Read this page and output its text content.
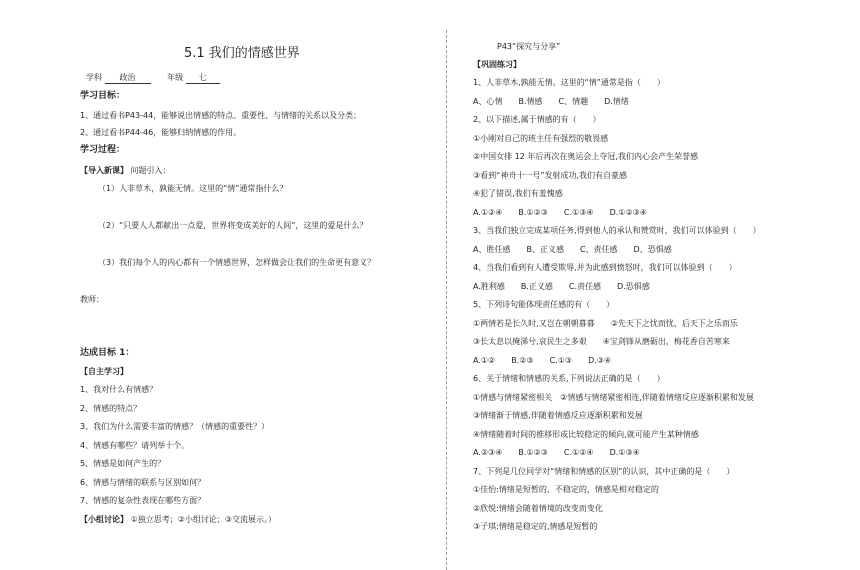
5.1 我们的情感世界
学科 政治	年级 七
学习目标：
1、通过看书P43-44，能够说出情感的特点、重要性、与情绪的关系以及分类；
2、通过看书P44-46，能够归纳情感的作用。
学习过程：
【导入新课】 问题引入：
（1）人非草木，孰能无情。这里的“情”通常指什么？
（2）“只要人人都献出一点爱，世界将变成美好的人间”，这里的爱是什么？
（3）我们每个人的内心都有一个情感世界，怎样做会让我们的生命更有意义？
教师：
达成目标 1：
【自主学习】
1、我对什么有情感？
2、情感的特点？
3、我们为什么需要丰富的情感？（情感的重要性？）
4、情感有哪些？请列举十个。
5、情感是如何产生的？
6、情感与情绪的联系与区别如何？
7、情感的复杂性表现在哪些方面？
【小组讨论】 ①独立思考；②小组讨论；③交流展示。）
P43“探究与分享”
【巩固练习】
1、人非草木,孰能无情。这里的“情”通常是指（　　）
A、心情　　B.情感　　C、情趣　　D.情绪
2、以下描述,属于情感的有（　　）
①小刚对自己的班主任有强烈的敬畏感
②中国女排 12 年后再次在奥运会上夺冠,我们内心会产生荣誉感
③看到“神舟十一号”发射成功,我们有自豪感
④犯了错误,我们有羞愧感
A.①②④　　B.①②③　　C.①③④　　D.①②③④
3、当我们独立完成某项任务,得到他人的承认和赞赏时，我们可以体验到（　　）
A、胜任感　　B、正义感　　C、责任感　　D、恐惧感
4、当我们看到有人遭受欺辱,并为此感到愤怒时，我们可以体验到（　　）
A.胜利感　　B.正义感　　C.责任感　　D.恐惧感
5、下列诗句能体现责任感的有（　　）
①两情若是长久时,又岂在朝朝暮暮　　②先天下之忧而忧，后天下之乐而乐
③长太息以掩涕兮,哀民生之多艰　　④宝剑锋从磨砺出，梅花香自苦寒来
A.①②　　B.②③　　C.①③　　D.③④
6、关于情绪和情感的关系,下列说法正确的是（　　）
①情感与情绪紧密相关　②情感与情绪紧密相连,伴随着情绪反应逐渐积累和发展
③情绪渐于情感,伴随着情感反应逐渐积累和发展
④情绪随着时间的推移形成比较稳定的倾向,就可能产生某种情感
A.②③④　　B.①②③　　C.①②④　　D.①③④
7、下列是几位同学对“情绪和情感的区别”的认识，其中正确的是（　　）
①佳怡:情绪是短暂的、不稳定的，情感是相对稳定的
②欣悦:情绪会随着情境的改变而变化
③子琪:情绪是稳定的,情感是短暂的
